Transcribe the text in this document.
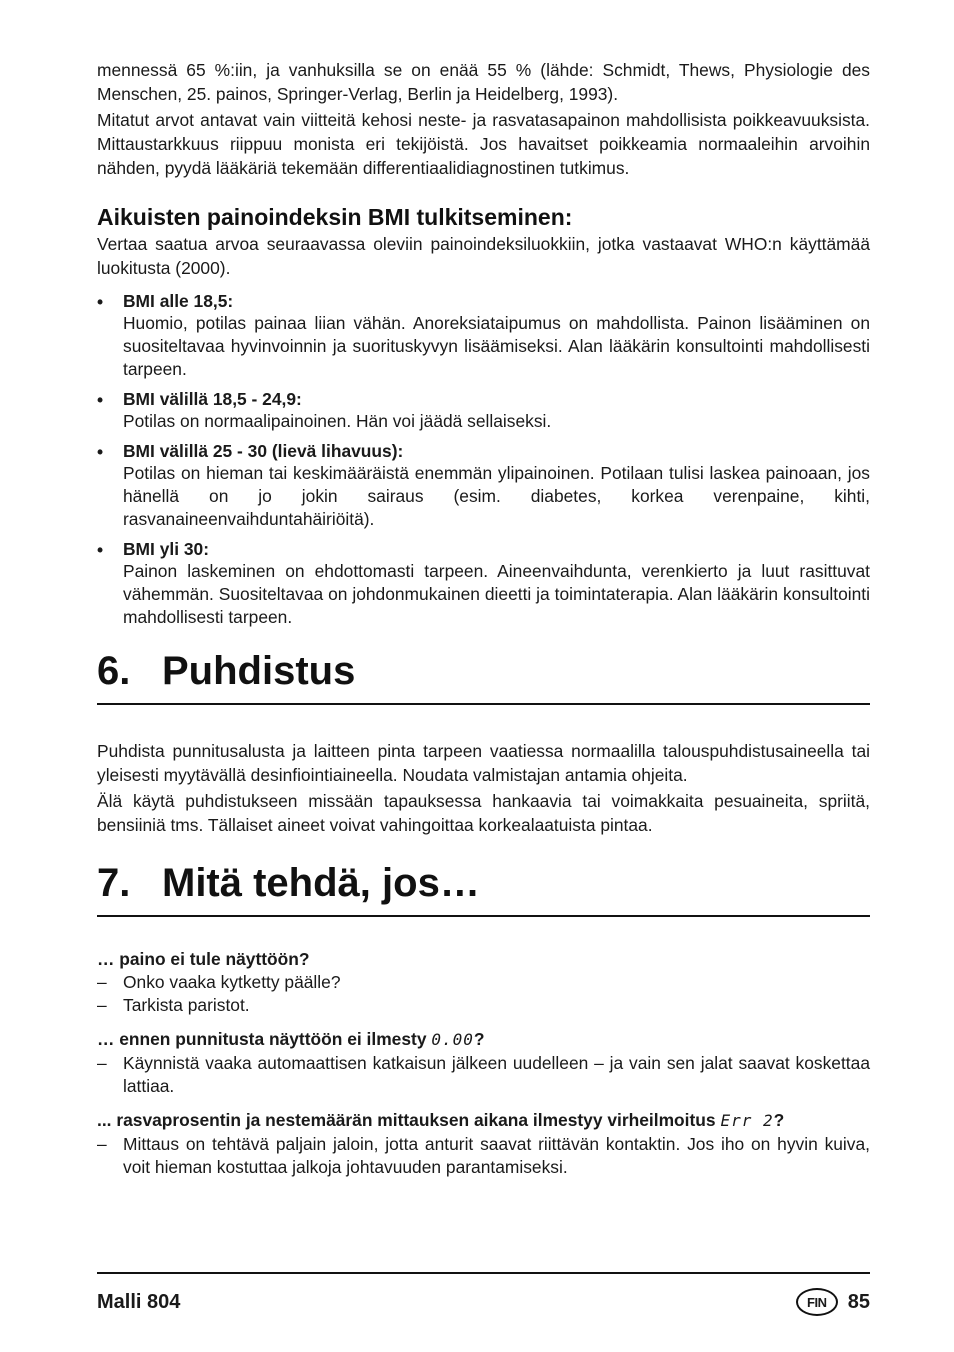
mennessä 65 %:iin, ja vanhuksilla se on enää 55 % (lähde: Schmidt, Thews, Physiologie des Menschen, 25. painos, Springer-Verlag, Berlin ja Heidelberg, 1993).

Mitatut arvot antavat vain viitteitä kehosi neste- ja rasvatasapainon mahdollisista poikkeavuuksista. Mittaustarkkuus riippuu monista eri tekijöistä. Jos havaitset poikkeamia normaaleihin arvoihin nähden, pyydä lääkäriä tekemään differentiaalidiagnostinen tutkimus.

Aikuisten painoindeksin BMI tulkitseminen:

Vertaa saatua arvoa seuraavassa oleviin painoindeksiluokkiin, jotka vastaavat WHO:n käyttämää luokitusta (2000).

• BMI alle 18,5:
Huomio, potilas painaa liian vähän. Anoreksiataipumus on mahdollista. Painon lisääminen on suositeltavaa hyvinvoinnin ja suorituskyvyn lisäämiseksi. Alan lääkärin konsultointi mahdollisesti tarpeen.
• BMI välillä 18,5 - 24,9:
Potilas on normaalipainoinen. Hän voi jäädä sellaiseksi.
• BMI välillä 25 - 30 (lievä lihavuus):
Potilas on hieman tai keskimääräistä enemmän ylipainoinen. Potilaan tulisi laskea painoaan, jos hänellä on jo jokin sairaus (esim. diabetes, korkea verenpaine, kihti, rasvanaineenvaihduntahäiriöitä).
• BMI yli 30:
Painon laskeminen on ehdottomasti tarpeen. Aineenvaihdunta, verenkierto ja luut rasittuvat vähemmän. Suositeltavaa on johdonmukainen dieetti ja toimintaterapia. Alan lääkärin konsultointi mahdollisesti tarpeen.
6. Puhdistus

Puhdista punnitusalusta ja laitteen pinta tarpeen vaatiessa normaalilla talouspuhdistusaineella tai yleisesti myytävällä desinfiointiaineella. Noudata valmistajan antamia ohjeita.

Älä käytä puhdistukseen missään tapauksessa hankaavia tai voimakkaita pesuaineita, spriitä, bensiiniä tms. Tällaiset aineet voivat vahingoittaa korkealaatuista pintaa.

7. Mitä tehdä, jos…
… paino ei tule näyttöön?
– Onko vaaka kytketty päälle?
– Tarkista paristot.
… ennen punnitusta näyttöön ei ilmesty 0.00?
– Käynnistä vaaka automaattisen katkaisun jälkeen uudelleen – ja vain sen jalat saavat koskettaa lattiaa.
... rasvaprosentin ja nestemäärän mittauksen aikana ilmestyy virheilmoitus Err 2?
– Mittaus on tehtävä paljain jaloin, jotta anturit saavat riittävän kontaktin. Jos iho on hyvin kuiva, voit hieman kostuttaa jalkoja johtavuuden parantamiseksi.
Malli 804	FIN	85
